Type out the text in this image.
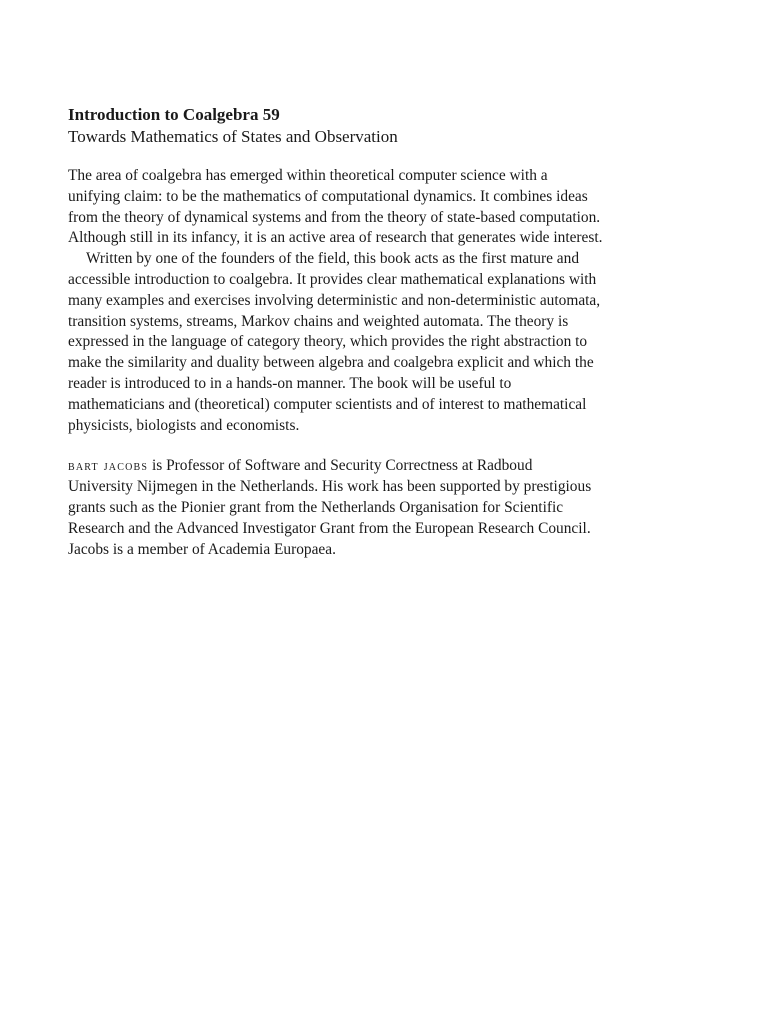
Introduction to Coalgebra 59
Towards Mathematics of States and Observation

The area of coalgebra has emerged within theoretical computer science with a
unifying claim: to be the mathematics of computational dynamics. It combines ideas
from the theory of dynamical systems and from the theory of state-based computation.
Although still in its infancy, it is an active area of research that generates wide interest.

Written by one of the founders of the field, this book acts as the first mature and
accessible introduction to coalgebra. It provides clear mathematical explanations with
many examples and exercises involving deterministic and non-deterministic automata,
transition systems, streams, Markov chains and weighted automata. The theory is
expressed in the language of category theory, which provides the right abstraction to
make the similarity and duality between algebra and coalgebra explicit and which the
reader is introduced to in a hands-on manner. The book will be useful to
mathematicians and (theoretical) computer scientists and of interest to mathematical
physicists, biologists and economists.

bart jacobs is Professor of Software and Security Correctness at Radboud
University Nijmegen in the Netherlands. His work has been supported by prestigious
grants such as the Pionier grant from the Netherlands Organisation for Scientific
Research and the Advanced Investigator Grant from the European Research Council.
Jacobs is a member of Academia Europaea.
